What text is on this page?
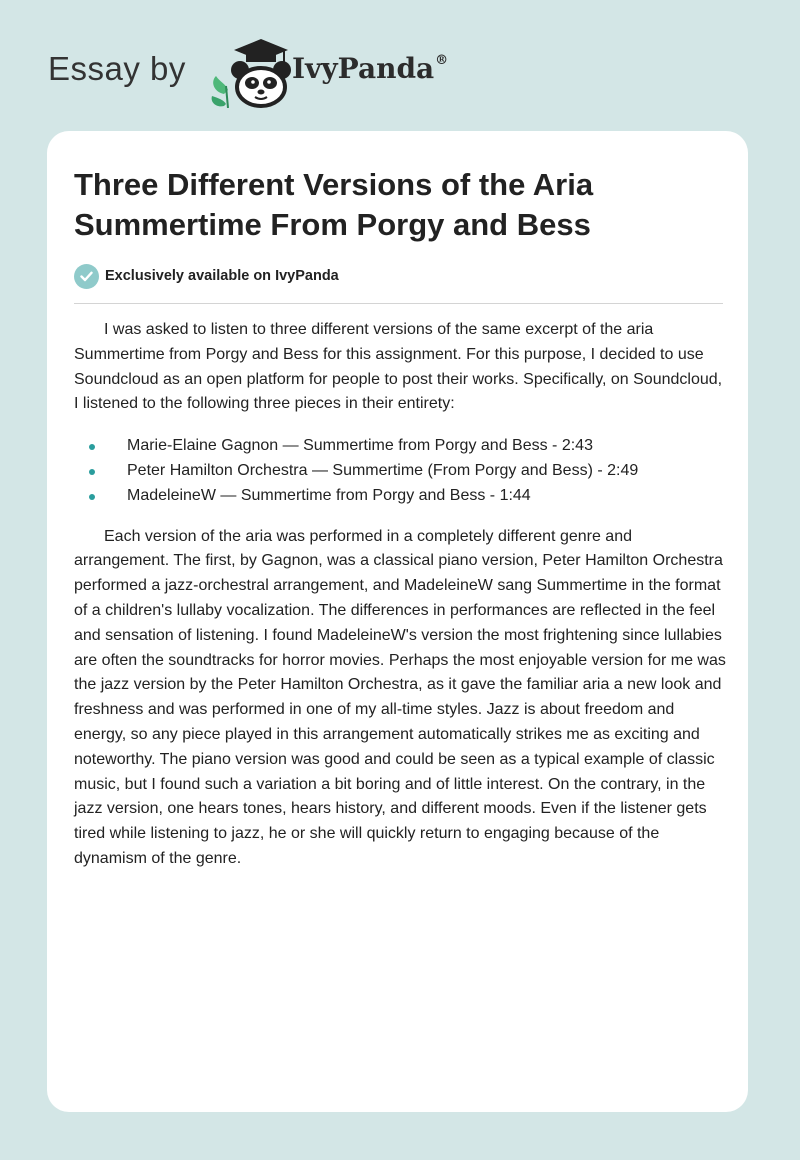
Essay by	IvyPanda®
Three Different Versions of the Aria Summertime From Porgy and Bess
Exclusively available on IvyPanda

I was asked to listen to three different versions of the same excerpt of the aria Summertime from Porgy and Bess for this assignment. For this purpose, I decided to use Soundcloud as an open platform for people to post their works. Specifically, on Soundcloud, I listened to the following three pieces in their entirety:

Marie-Elaine Gagnon — Summertime from Porgy and Bess - 2:43
Peter Hamilton Orchestra — Summertime (From Porgy and Bess) - 2:49
MadeleineW — Summertime from Porgy and Bess - 1:44

Each version of the aria was performed in a completely different genre and arrangement. The first, by Gagnon, was a classical piano version, Peter Hamilton Orchestra performed a jazz-orchestral arrangement, and MadeleineW sang Summertime in the format of a children's lullaby vocalization. The differences in performances are reflected in the feel and sensation of listening. I found MadeleineW's version the most frightening since lullabies are often the soundtracks for horror movies. Perhaps the most enjoyable version for me was the jazz version by the Peter Hamilton Orchestra, as it gave the familiar aria a new look and freshness and was performed in one of my all-time styles. Jazz is about freedom and energy, so any piece played in this arrangement automatically strikes me as exciting and noteworthy. The piano version was good and could be seen as a typical example of classic music, but I found such a variation a bit boring and of little interest. On the contrary, in the jazz version, one hears tones, hears history, and different moods. Even if the listener gets tired while listening to jazz, he or she will quickly return to engaging because of the dynamism of the genre.
